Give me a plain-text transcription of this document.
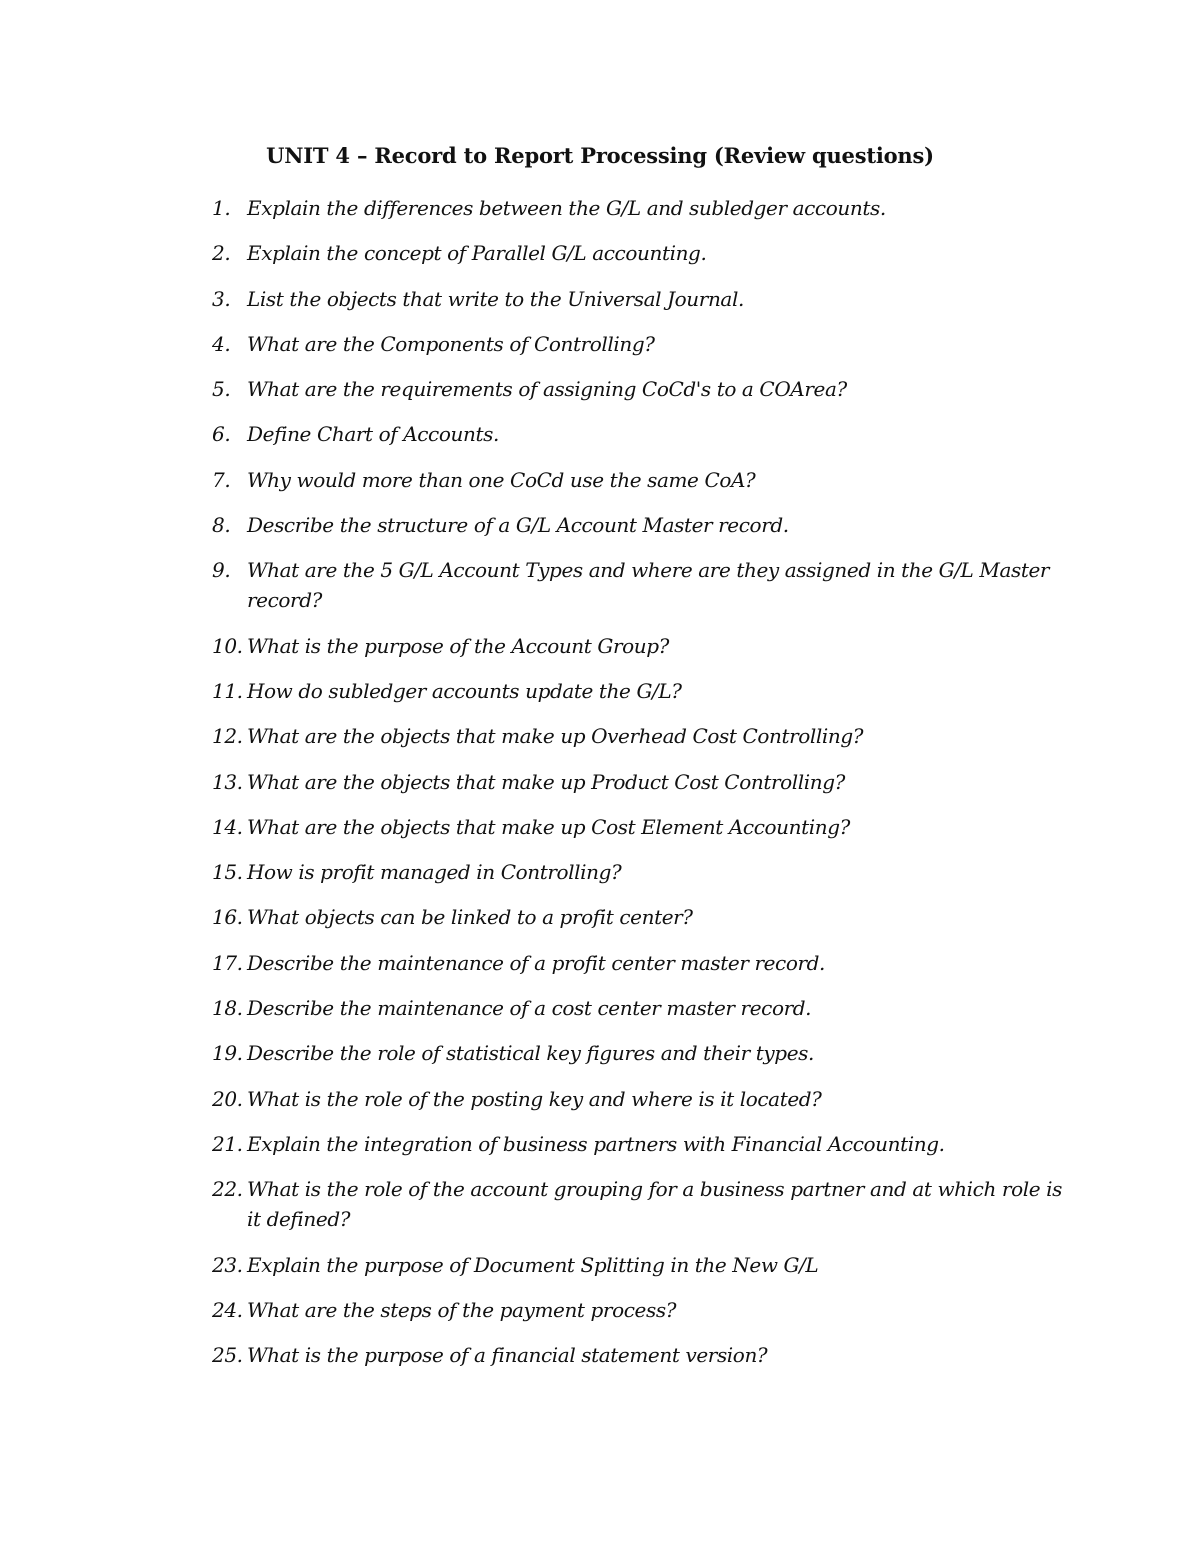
UNIT 4 – Record to Report Processing (Review questions)
1. Explain the differences between the G/L and subledger accounts.
2. Explain the concept of Parallel G/L accounting.
3. List the objects that write to the Universal Journal.
4. What are the Components of Controlling?
5. What are the requirements of assigning CoCd's to a COArea?
6. Define Chart of Accounts.
7. Why would more than one CoCd use the same CoA?
8. Describe the structure of a G/L Account Master record.
9. What are the 5 G/L Account Types and where are they assigned in the G/L Master record?
10. What is the purpose of the Account Group?
11. How do subledger accounts update the G/L?
12. What are the objects that make up Overhead Cost Controlling?
13. What are the objects that make up Product Cost Controlling?
14. What are the objects that make up Cost Element Accounting?
15. How is profit managed in Controlling?
16. What objects can be linked to a profit center?
17. Describe the maintenance of a profit center master record.
18. Describe the maintenance of a cost center master record.
19. Describe the role of statistical key figures and their types.
20. What is the role of the posting key and where is it located?
21. Explain the integration of business partners with Financial Accounting.
22. What is the role of the account grouping for a business partner and at which role is it defined?
23. Explain the purpose of Document Splitting in the New G/L
24. What are the steps of the payment process?
25. What is the purpose of a financial statement version?
